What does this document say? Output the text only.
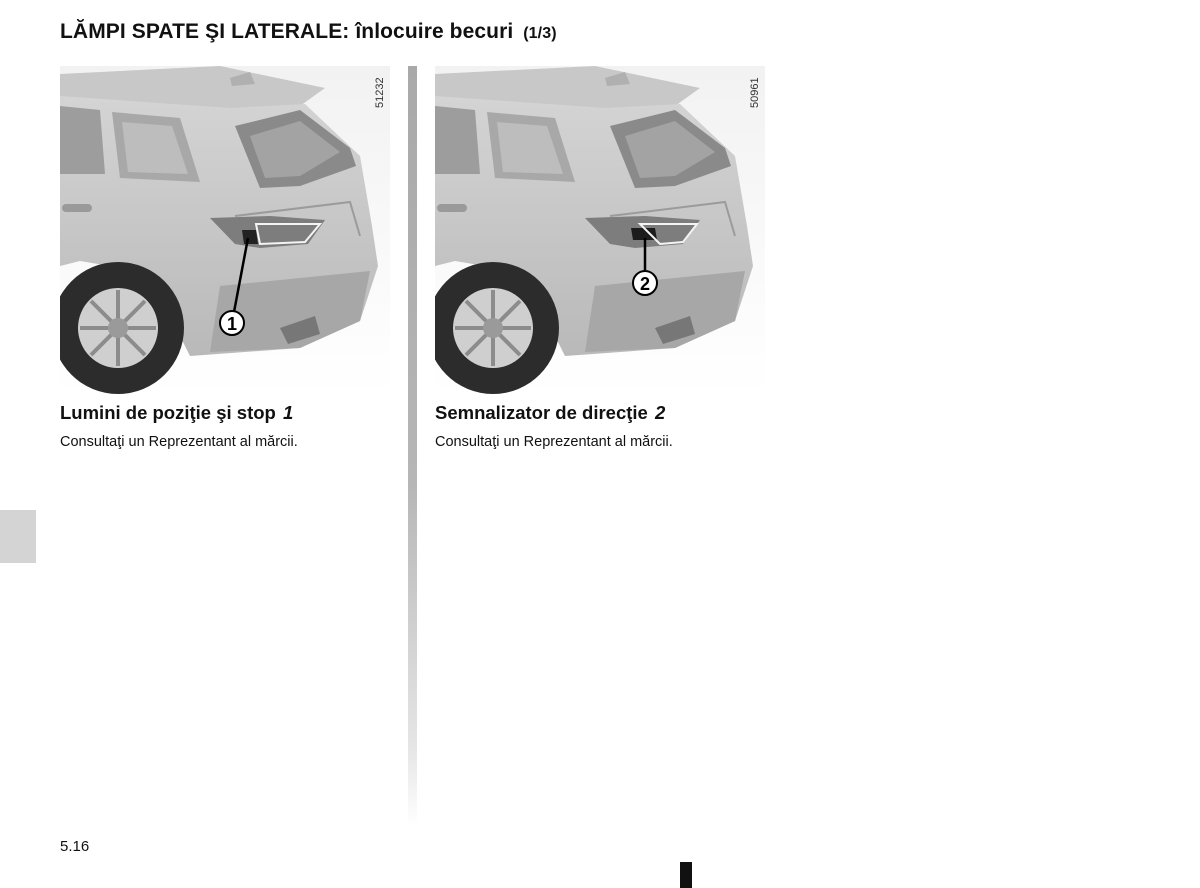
LĂMPI SPATE ŞI LATERALE: înlocuire becuri (1/3)
1
51232
2
50961
Lumini de poziţie şi stop 1

Consultaţi un Reprezentant al mărcii.

Semnalizator de direcţie 2

Consultaţi un Reprezentant al mărcii.

5.16
